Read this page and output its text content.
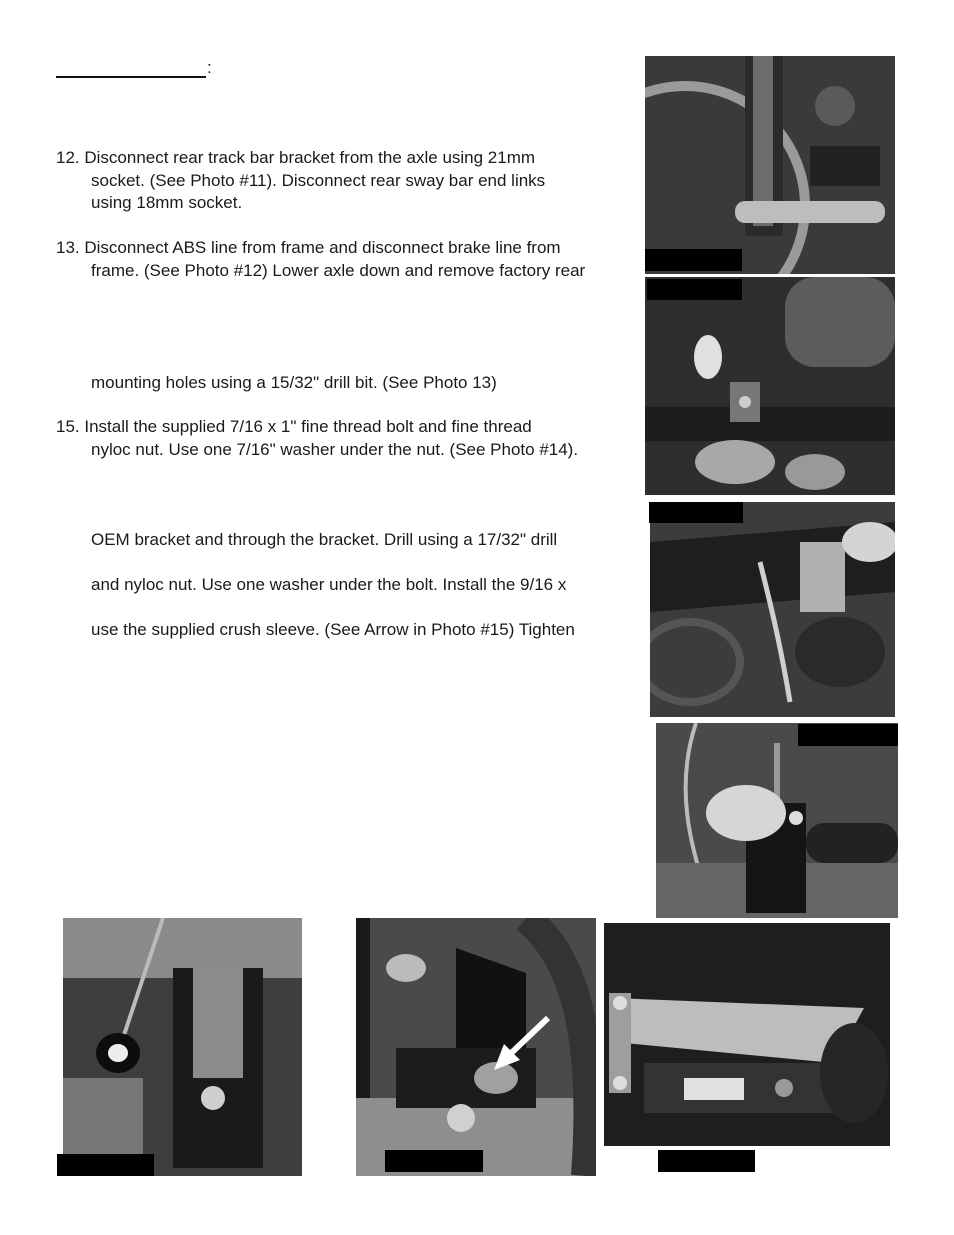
:
12. Disconnect rear track bar bracket from the axle using 21mm
socket. (See Photo #11). Disconnect rear sway bar end links
using 18mm socket.
13. Disconnect ABS line from frame and disconnect brake line from
frame. (See Photo #12) Lower axle down and remove factory rear
mounting holes using a 15/32" drill bit. (See Photo 13)
15. Install the supplied 7/16 x 1" fine thread bolt and fine thread
nyloc nut. Use one 7/16" washer under the nut. (See Photo #14).
OEM bracket and through the bracket. Drill using a 17/32" drill
and nyloc nut. Use one washer under the bolt. Install the 9/16 x
use the supplied crush sleeve. (See Arrow in Photo #15) Tighten
